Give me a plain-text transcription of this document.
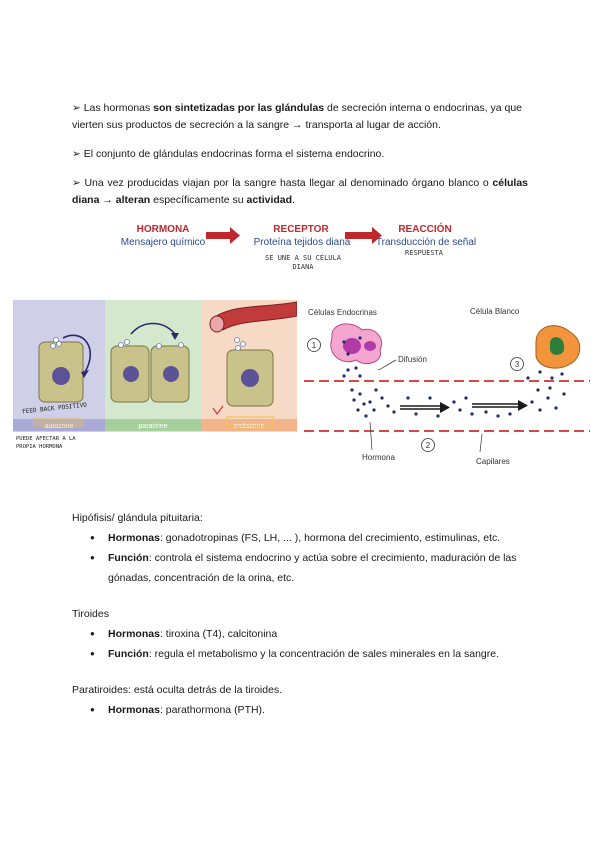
➢ Las hormonas son sintetizadas por las glándulas de secreción interna o endocrinas, ya que vierten sus productos de secreción a la sangre → transporta al lugar de acción.

➢ El conjunto de glándulas endocrinas forma el sistema endocrino.

➢ Una vez producidas viajan por la sangre hasta llegar al denominado órgano blanco o células diana → alteran específicamente su actividad.

HORMONA
Mensajero químico
RECEPTOR
Proteína tejidos diana
SE UNE A SU CÉLULA
DIANA
REACCIÓN
Transducción de señal
RESPUESTA
autocrine	paracrine	endocrine
FEED BACK POSITIVO
PUEDE AFECTAR A LA
PROPIA HORMONA
Células Endocrinas	Célula Blanco
1
3
2
Difusión
Hormona	Capilares

Hipófisis/ glándula pituitaria:

● Hormonas: gonadotropinas (FS, LH, ... ), hormona del crecimiento, estimulinas, etc.
● Función: controla el sistema endocrino y actúa sobre el crecimiento, maduración de las gónadas, concentración de la orina, etc.

Tiroides

● Hormonas: tiroxina (T4), calcitonina
● Función: regula el metabolismo y la concentración de sales minerales en la sangre.

Paratiroides: está oculta detrás de la tiroides.

● Hormonas: parathormona (PTH).
